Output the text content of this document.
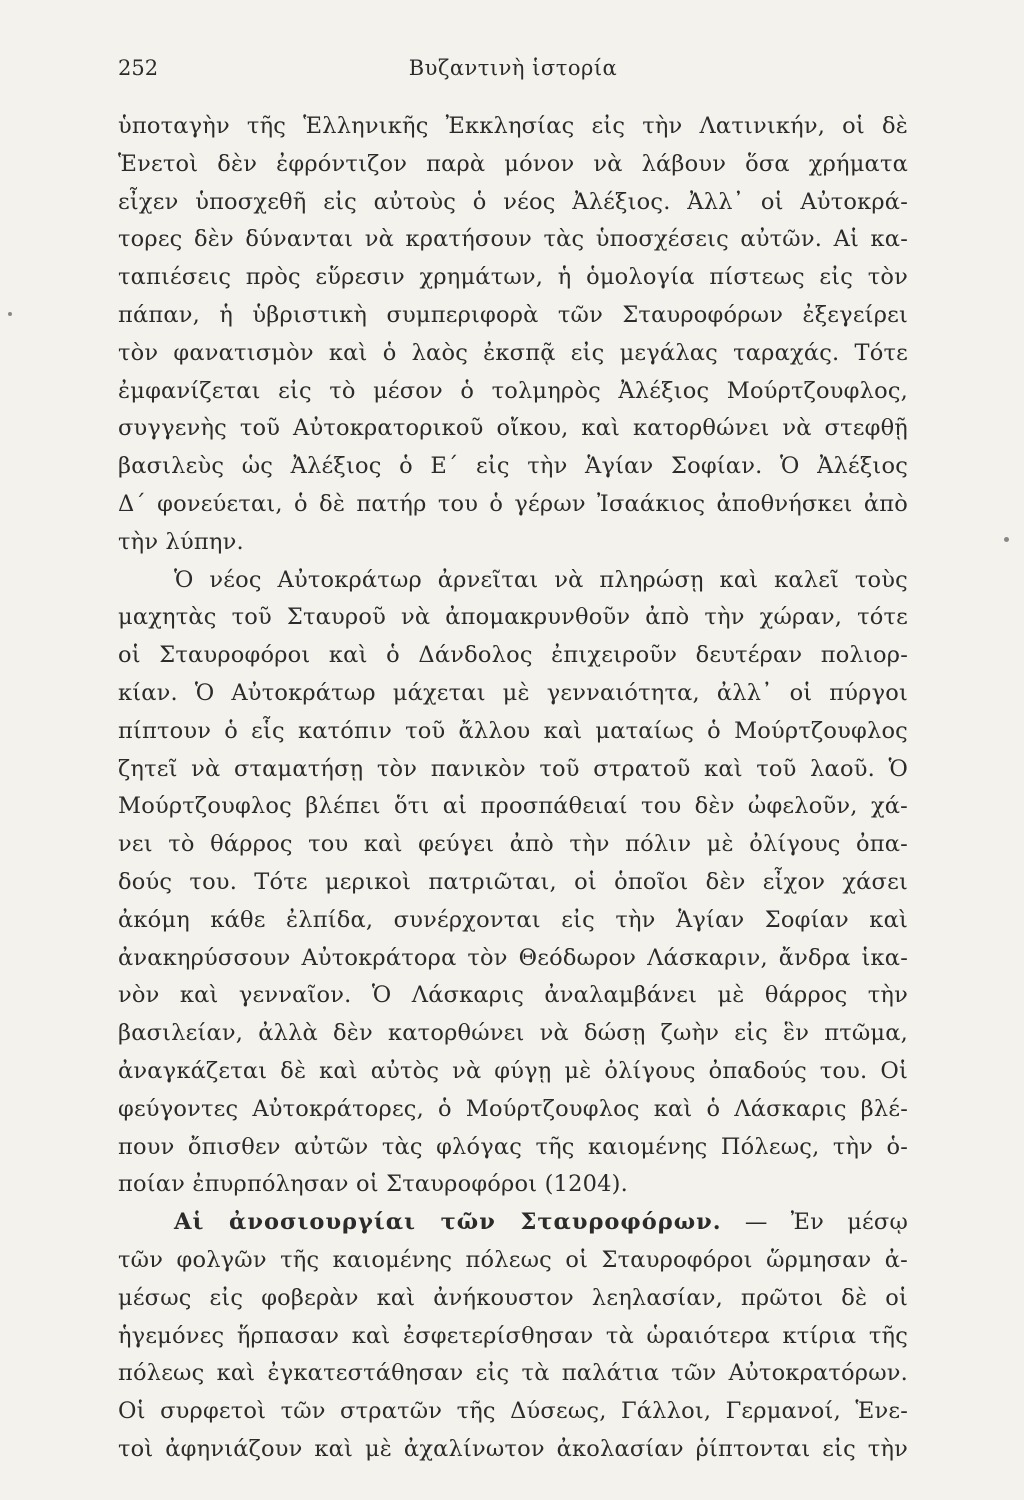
252	Βυζαντινὴ ἱστορία
ὑποταγὴν τῆς Ἑλληνικῆς Ἐκκλησίας εἰς τὴν Λατινικήν, οἱ δὲ
Ἑνετοὶ δὲν ἐφρόντιζον παρὰ μόνον νὰ λάβουν ὅσα χρήματα
εἶχεν ὑποσχεθῆ εἰς αὐτοὺς ὁ νέος Ἀλέξιος. Ἀλλ᾽ οἱ Αὐτοκρά-
τορες δὲν δύνανται νὰ κρατήσουν τὰς ὑποσχέσεις αὐτῶν. Αἱ κα-
ταπιέσεις πρὸς εὕρεσιν χρημάτων, ἡ ὁμολογία πίστεως εἰς τὸν
πάπαν, ἡ ὑβριστικὴ συμπεριφορὰ τῶν Σταυροφόρων ἐξεγείρει
τὸν φανατισμὸν καὶ ὁ λαὸς ἐκσπᾷ εἰς μεγάλας ταραχάς. Τότε
ἐμφανίζεται εἰς τὸ μέσον ὁ τολμηρὸς Ἀλέξιος Μούρτζουφλος,
συγγενὴς τοῦ Αὐτοκρατορικοῦ οἴκου, καὶ κατορθώνει νὰ στεφθῇ
βασιλεὺς ὡς Ἀλέξιος ὁ Ε΄ εἰς τὴν Ἁγίαν Σοφίαν. Ὁ Ἀλέξιος
Δ΄ φονεύεται, ὁ δὲ πατήρ του ὁ γέρων Ἰσαάκιος ἀποθνήσκει ἀπὸ
τὴν λύπην.
Ὁ νέος Αὐτοκράτωρ ἀρνεῖται νὰ πληρώσῃ καὶ καλεῖ τοὺς
μαχητὰς τοῦ Σταυροῦ νὰ ἀπομακρυνθοῦν ἀπὸ τὴν χώραν, τότε
οἱ Σταυροφόροι καὶ ὁ Δάνδολος ἐπιχειροῦν δευτέραν πολιορ-
κίαν. Ὁ Αὐτοκράτωρ μάχεται μὲ γενναιότητα, ἀλλ᾽ οἱ πύργοι
πίπτουν ὁ εἷς κατόπιν τοῦ ἄλλου καὶ ματαίως ὁ Μούρτζουφλος
ζητεῖ νὰ σταματήσῃ τὸν πανικὸν τοῦ στρατοῦ καὶ τοῦ λαοῦ. Ὁ
Μούρτζουφλος βλέπει ὅτι αἱ προσπάθειαί του δὲν ὠφελοῦν, χά-
νει τὸ θάρρος του καὶ φεύγει ἀπὸ τὴν πόλιν μὲ ὀλίγους ὀπα-
δούς του. Τότε μερικοὶ πατριῶται, οἱ ὁποῖοι δὲν εἶχον χάσει
ἀκόμη κάθε ἐλπίδα, συνέρχονται εἰς τὴν Ἁγίαν Σοφίαν καὶ
ἀνακηρύσσουν Αὐτοκράτορα τὸν Θεόδωρον Λάσκαριν, ἄνδρα ἱκα-
νὸν καὶ γενναῖον. Ὁ Λάσκαρις ἀναλαμβάνει μὲ θάρρος τὴν
βασιλείαν, ἀλλὰ δὲν κατορθώνει νὰ δώσῃ ζωὴν εἰς ἓν πτῶμα,
ἀναγκάζεται δὲ καὶ αὐτὸς νὰ φύγῃ μὲ ὀλίγους ὀπαδούς του. Οἱ
φεύγοντες Αὐτοκράτορες, ὁ Μούρτζουφλος καὶ ὁ Λάσκαρις βλέ-
πουν ὄπισθεν αὐτῶν τὰς φλόγας τῆς καιομένης Πόλεως, τὴν ὁ-
ποίαν ἐπυρπόλησαν οἱ Σταυροφόροι (1204).
Αἱ ἀνοσιουργίαι τῶν Σταυροφόρων. — Ἐν μέσῳ
τῶν φολγῶν τῆς καιομένης πόλεως οἱ Σταυροφόροι ὥρμησαν ἀ-
μέσως εἰς φοβερὰν καὶ ἀνήκουστον λεηλασίαν, πρῶτοι δὲ οἱ
ἡγεμόνες ἥρπασαν καὶ ἐσφετερίσθησαν τὰ ὡραιότερα κτίρια τῆς
πόλεως καὶ ἐγκατεστάθησαν εἰς τὰ παλάτια τῶν Αὐτοκρατόρων.
Οἱ συρφετοὶ τῶν στρατῶν τῆς Δύσεως, Γάλλοι, Γερμανοί, Ἑνε-
τοὶ ἀφηνιάζουν καὶ μὲ ἀχαλίνωτον ἀκολασίαν ῥίπτονται εἰς τὴν
